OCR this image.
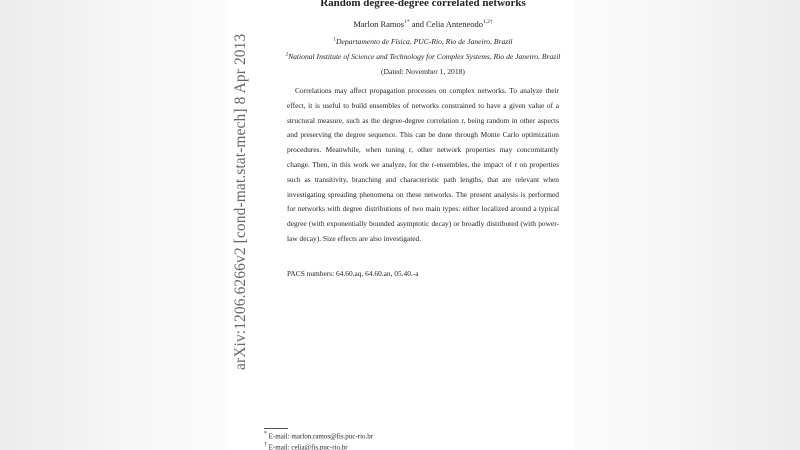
arXiv:1206.6266v2 [cond-mat.stat-mech] 8 Apr 2013
Random degree-degree correlated networks
Marlon Ramos$^{1*}$ and Celia Anteneodo$^{1,2\dagger}$
$^1$Departamento de Física, PUC-Rio, Rio de Janeiro, Brazil
$^2$National Institute of Science and Technology for Complex Systems, Rio de Janeiro, Brazil
(Dated: November 1, 2018)

Correlations may affect propagation processes on complex networks. To analyze their effect, it is useful to build ensembles of networks constrained to have a given value of a structural measure, such as the degree-degree correlation r, being random in other aspects and preserving the degree sequence. This can be done through Monte Carlo optimization procedures. Meanwhile, when tuning r, other network properties may concomitantly change. Then, in this work we analyze, for the r-ensembles, the impact of r on properties such as transitivity, branching and characteristic path lengths, that are relevant when investigating spreading phenomena on these networks. The present analysis is performed for networks with degree distributions of two main types: either localized around a typical degree (with exponentially bounded asymptotic decay) or broadly distributed (with power-law decay). Size effects are also investigated.

PACS numbers: 64.60.aq, 64.60.an, 05.40.-a
* E-mail: marlon.ramos@fis.puc-rio.br
† E-mail: celia@fis.puc-rio.br
